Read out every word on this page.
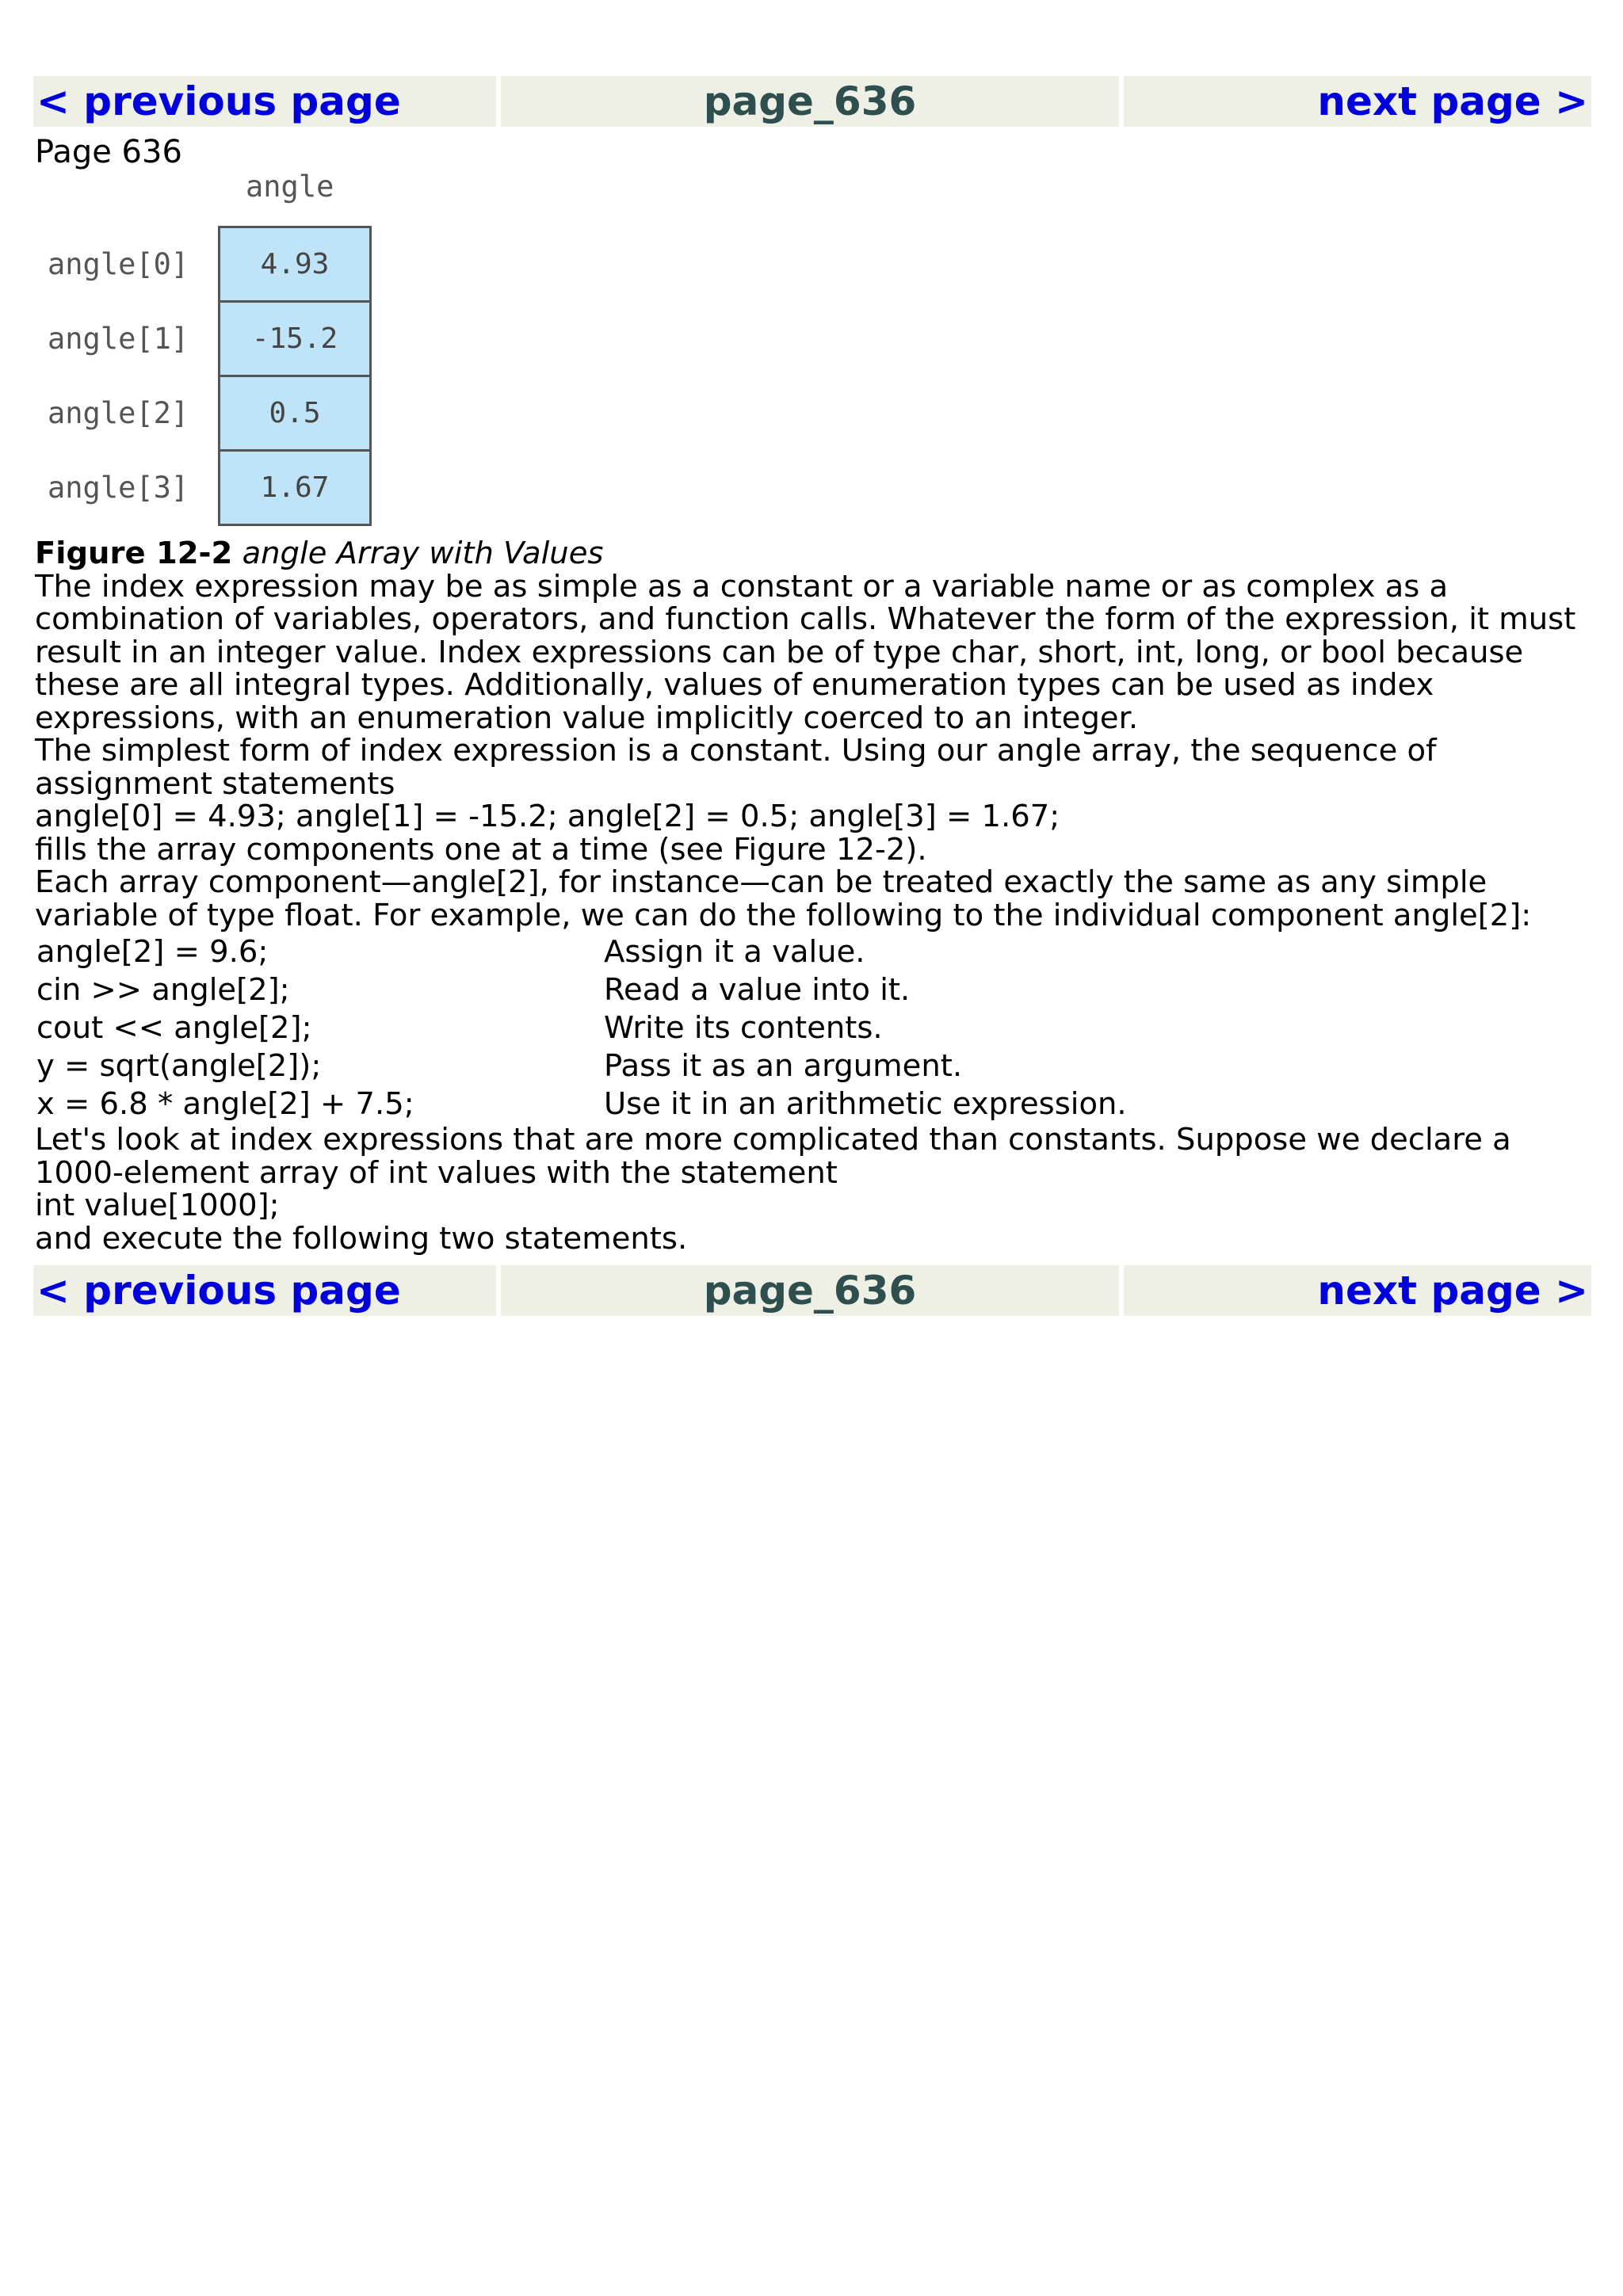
< previous page	page_636	next page >
Page 636
angle
angle[0]	4.93
angle[1]	-15.2
angle[2]	0.5
angle[3]	1.67

Figure 12-2 angle Array with Values

The index expression may be as simple as a constant or a variable name or as complex as a combination of variables, operators, and function calls. Whatever the form of the expression, it must result in an integer value. Index expressions can be of type char, short, int, long, or bool because these are all integral types. Additionally, values of enumeration types can be used as index expressions, with an enumeration value implicitly coerced to an integer.

The simplest form of index expression is a constant. Using our angle array, the sequence of assignment statements

angle[0] = 4.93; angle[1] = -15.2; angle[2] = 0.5; angle[3] = 1.67;

fills the array components one at a time (see Figure 12-2).

Each array component—angle[2], for instance—can be treated exactly the same as any simple variable of type float. For example, we can do the following to the individual component angle[2]:

angle[2] = 9.6;	Assign it a value.
cin >> angle[2];	Read a value into it.
cout << angle[2];	Write its contents.
y = sqrt(angle[2]);	Pass it as an argument.
x = 6.8 * angle[2] + 7.5;	Use it in an arithmetic expression.

Let's look at index expressions that are more complicated than constants. Suppose we declare a 1000-element array of int values with the statement

int value[1000];

and execute the following two statements.

< previous page	page_636	next page >
